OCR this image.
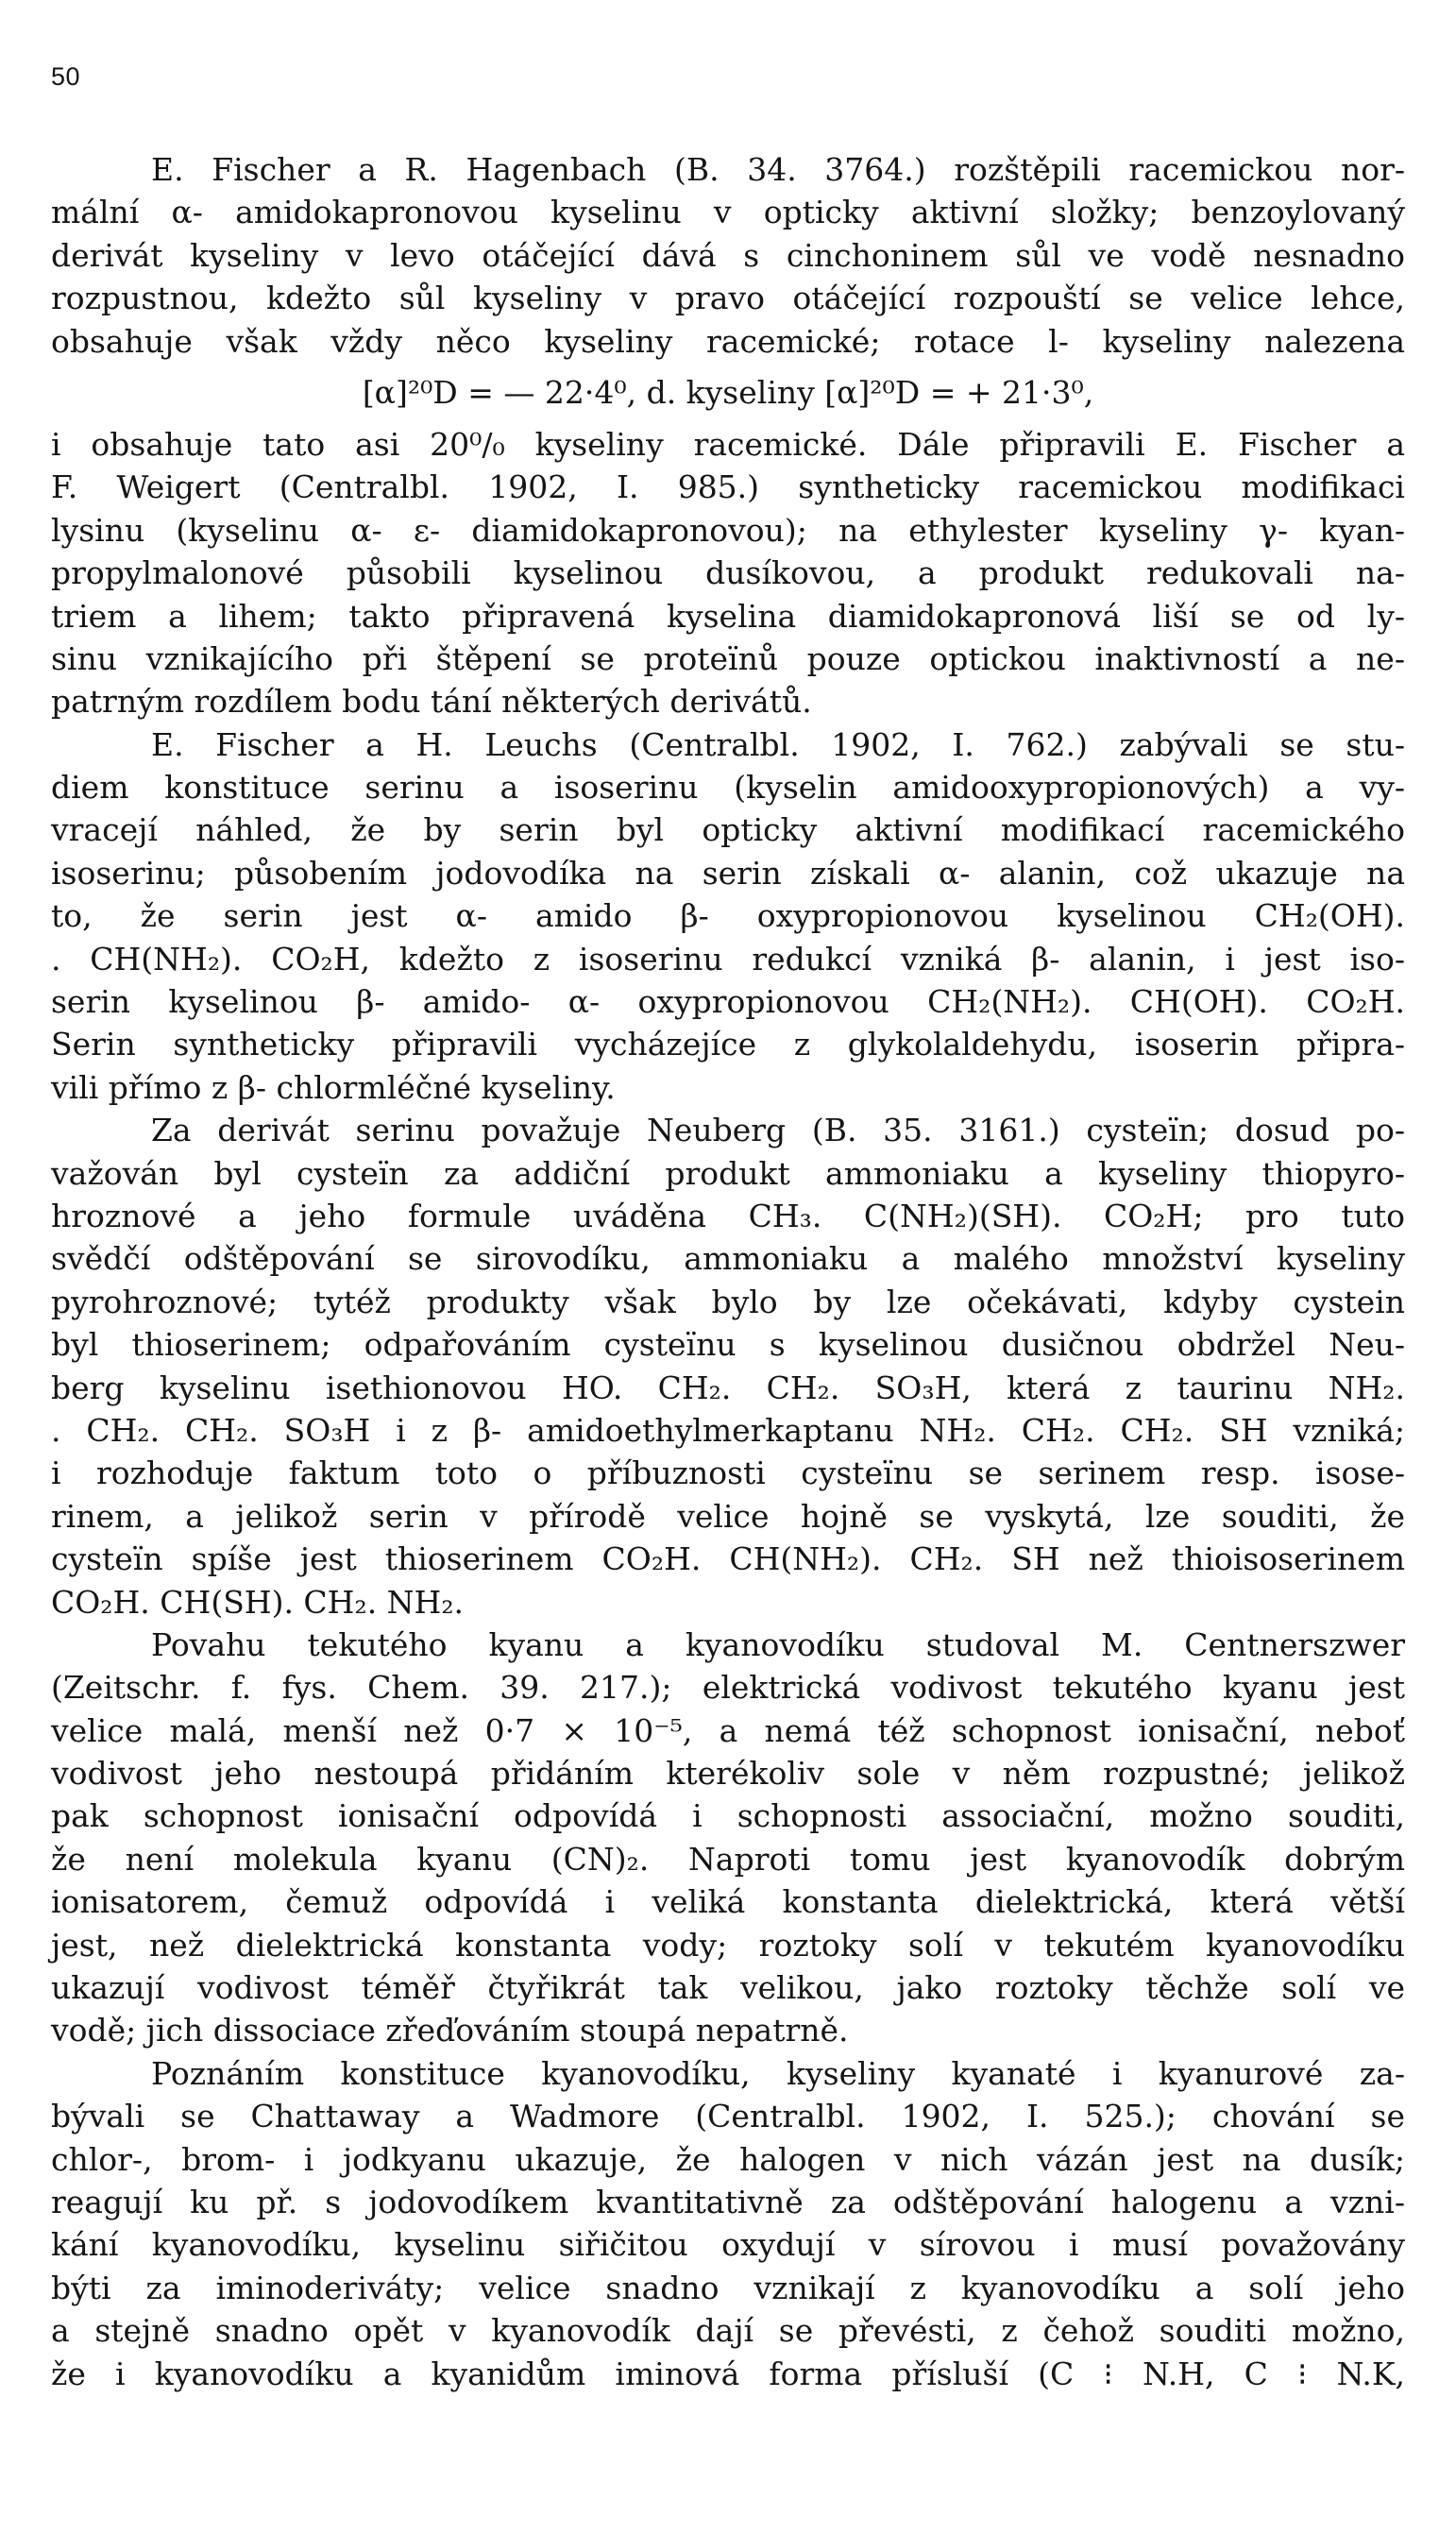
50
E. Fischer a R. Hagenbach (B. 34. 3764.) rozštěpili racemickou nor-
mální α- amidokapronovou kyselinu v opticky aktivní složky; benzoylovaný
derivát kyseliny v levo otáčející dává s cinchoninem sůl ve vodě nesnadno
rozpustnou, kdežto sůl kyseliny v pravo otáčející rozpouští se velice lehce,
obsahuje však vždy něco kyseliny racemické; rotace l- kyseliny nalezena
[α]²⁰D = — 22·4⁰, d. kyseliny [α]²⁰D = + 21·3⁰,
i obsahuje tato asi 20⁰/₀ kyseliny racemické. Dále připravili E. Fischer a
F. Weigert (Centralbl. 1902, I. 985.) syntheticky racemickou modifikaci
lysinu (kyselinu α- ε- diamidokapronovou); na ethylester kyseliny γ- kyan-
propylmalonové působili kyselinou dusíkovou, a produkt redukovali na-
triem a lihem; takto připravená kyselina diamidokapronová liší se od ly-
sinu vznikajícího při štěpení se proteïnů pouze optickou inaktivností a ne-
patrným rozdílem bodu tání některých derivátů.
E. Fischer a H. Leuchs (Centralbl. 1902, I. 762.) zabývali se stu-
diem konstituce serinu a isoserinu (kyselin amidooxypropionových) a vy-
vracejí náhled, že by serin byl opticky aktivní modifikací racemického
isoserinu; působením jodovodíka na serin získali α- alanin, což ukazuje na
to, že serin jest α- amido β- oxypropionovou kyselinou CH₂(OH).
. CH(NH₂). CO₂H, kdežto z isoserinu redukcí vzniká β- alanin, i jest iso-
serin kyselinou β- amido- α- oxypropionovou CH₂(NH₂). CH(OH). CO₂H.
Serin syntheticky připravili vycházejíce z glykolaldehydu, isoserin připra-
vili přímo z β- chlormléčné kyseliny.
Za derivát serinu považuje Neuberg (B. 35. 3161.) cysteïn; dosud po-
važován byl cysteïn za addiční produkt ammoniaku a kyseliny thiopyro-
hroznové a jeho formule uváděna CH₃. C(NH₂)(SH). CO₂H; pro tuto
svědčí odštěpování se sirovodíku, ammoniaku a malého množství kyseliny
pyrohroznové; tytéž produkty však bylo by lze očekávati, kdyby cystein
byl thioserinem; odpařováním cysteïnu s kyselinou dusičnou obdržel Neu-
berg kyselinu isethionovou HO. CH₂. CH₂. SO₃H, která z taurinu NH₂.
. CH₂. CH₂. SO₃H i z β- amidoethylmerkaptanu NH₂. CH₂. CH₂. SH vzniká;
i rozhoduje faktum toto o příbuznosti cysteïnu se serinem resp. isose-
rinem, a jelikož serin v přírodě velice hojně se vyskytá, lze souditi, že
cysteïn spíše jest thioserinem CO₂H. CH(NH₂). CH₂. SH než thioisoserinem
CO₂H. CH(SH). CH₂. NH₂.
Povahu tekutého kyanu a kyanovodíku studoval M. Centnerszwer
(Zeitschr. f. fys. Chem. 39. 217.); elektrická vodivost tekutého kyanu jest
velice malá, menší než 0·7 × 10⁻⁵, a nemá též schopnost ionisační, neboť
vodivost jeho nestoupá přidáním kterékoliv sole v něm rozpustné; jelikož
pak schopnost ionisační odpovídá i schopnosti associační, možno souditi,
že není molekula kyanu (CN)₂. Naproti tomu jest kyanovodík dobrým
ionisatorem, čemuž odpovídá i veliká konstanta dielektrická, která větší
jest, než dielektrická konstanta vody; roztoky solí v tekutém kyanovodíku
ukazují vodivost téměř čtyřikrát tak velikou, jako roztoky těchže solí ve
vodě; jich dissociace zřeďováním stoupá nepatrně.
Poznáním konstituce kyanovodíku, kyseliny kyanaté i kyanurové za-
bývali se Chattaway a Wadmore (Centralbl. 1902, I. 525.); chování se
chlor-, brom- i jodkyanu ukazuje, že halogen v nich vázán jest na dusík;
reagují ku př. s jodovodíkem kvantitativně za odštěpování halogenu a vzni-
kání kyanovodíku, kyselinu siřičitou oxydují v sírovou i musí považovány
býti za iminoderiváty; velice snadno vznikají z kyanovodíku a solí jeho
a stejně snadno opět v kyanovodík dají se převésti, z čehož souditi možno,
že i kyanovodíku a kyanidům iminová forma přísluší (C ⁝ N.H, C ⁝ N.K,
